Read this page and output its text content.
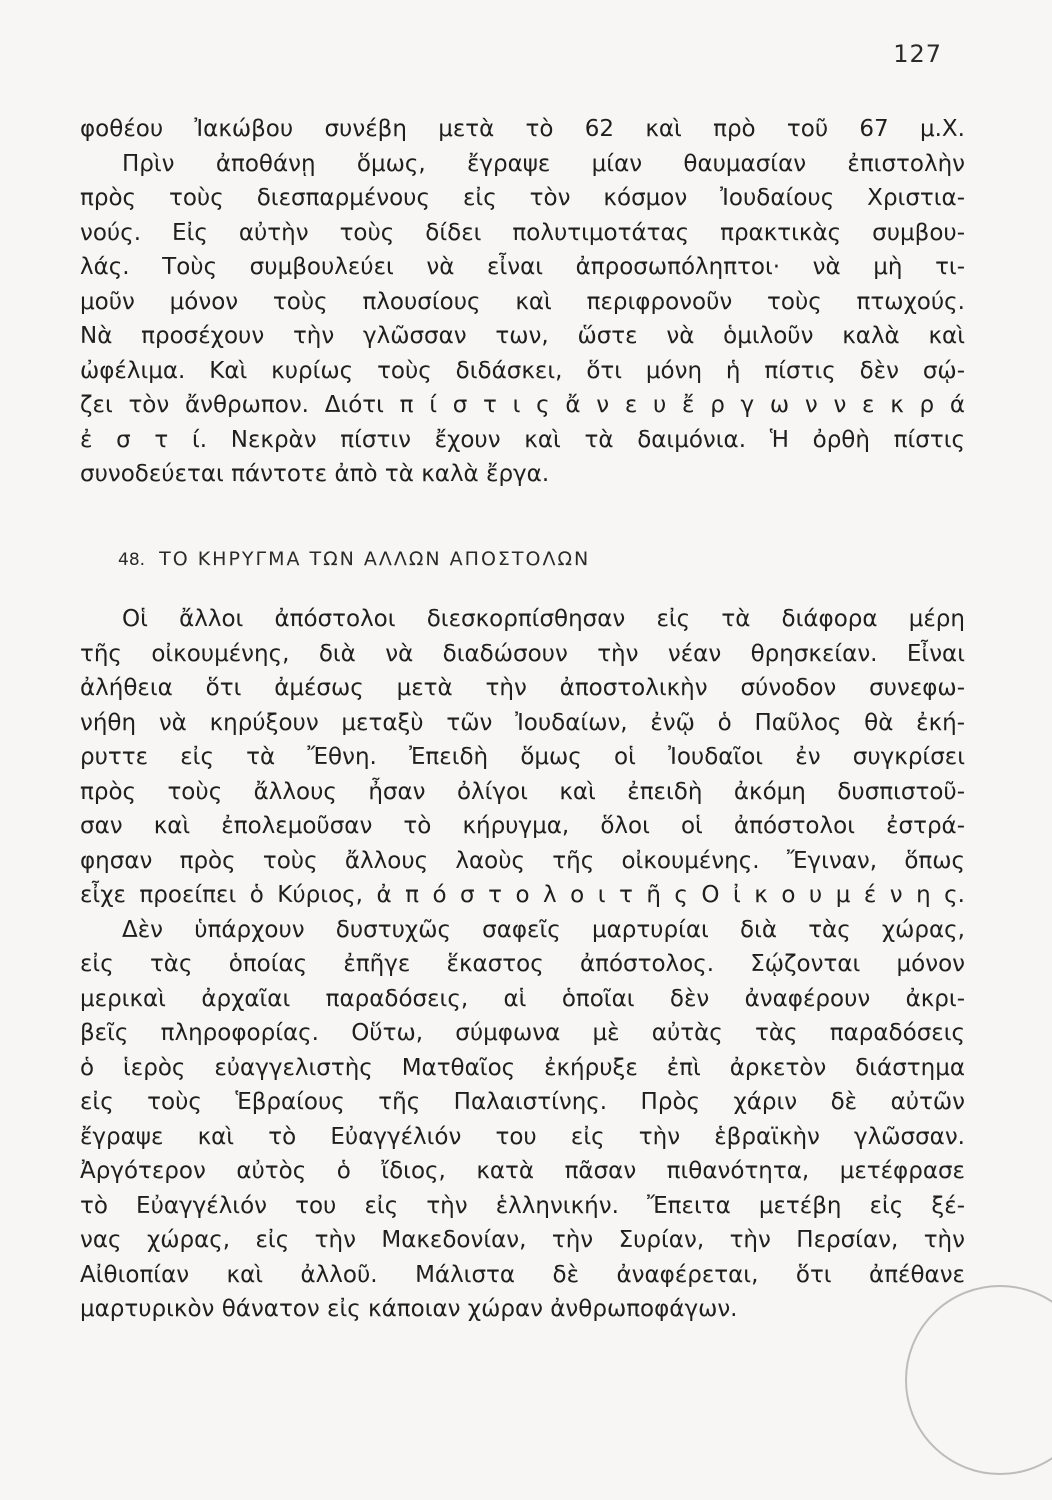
127
φοθέου Ἰακώβου συνέβη μετὰ τὸ 62 καὶ πρὸ τοῦ 67 μ.Χ.
Πρὶν ἀποθάνῃ ὅμως, ἔγραψε μίαν θαυμασίαν ἐπιστολὴν
πρὸς τοὺς διεσπαρμένους εἰς τὸν κόσμον Ἰουδαίους Χριστια-
νούς. Εἰς αὐτὴν τοὺς δίδει πολυτιμοτάτας πρακτικὰς συμβου-
λάς. Τοὺς συμβουλεύει νὰ εἶναι ἀπροσωπόληπτοι· νὰ μὴ τι-
μοῦν μόνον τοὺς πλουσίους καὶ περιφρονοῦν τοὺς πτωχούς.
Νὰ προσέχουν τὴν γλῶσσαν των, ὥστε νὰ ὁμιλοῦν καλὰ καὶ
ὠφέλιμα. Καὶ κυρίως τοὺς διδάσκει, ὅτι μόνη ἡ πίστις δὲν σῴ-
ζει τὸν ἄνθρωπον. Διότι π ί σ τ ι ς ἄ ν ε υ ἔ ρ γ ω ν ν ε κ ρ ά
ἐ σ τ ί. Νεκρὰν πίστιν ἔχουν καὶ τὰ δαιμόνια. Ἡ ὀρθὴ πίστις
συνοδεύεται πάντοτε ἀπὸ τὰ καλὰ ἔργα.
48. ΤΟ ΚΗΡΥΓΜΑ ΤΩΝ ΑΛΛΩΝ ΑΠΟΣΤΟΛΩΝ
Οἱ ἄλλοι ἀπόστολοι διεσκορπίσθησαν εἰς τὰ διάφορα μέρη
τῆς οἰκουμένης, διὰ νὰ διαδώσουν τὴν νέαν θρησκείαν. Εἶναι
ἀλήθεια ὅτι ἀμέσως μετὰ τὴν ἀποστολικὴν σύνοδον συνεφω-
νήθη νὰ κηρύξουν μεταξὺ τῶν Ἰουδαίων, ἐνῷ ὁ Παῦλος θὰ ἐκή-
ρυττε εἰς τὰ Ἔθνη. Ἐπειδὴ ὅμως οἱ Ἰουδαῖοι ἐν συγκρίσει
πρὸς τοὺς ἄλλους ἦσαν ὀλίγοι καὶ ἐπειδὴ ἀκόμη δυσπιστοῦ-
σαν καὶ ἐπολεμοῦσαν τὸ κήρυγμα, ὅλοι οἱ ἀπόστολοι ἐστρά-
φησαν πρὸς τοὺς ἄλλους λαοὺς τῆς οἰκουμένης. Ἔγιναν, ὅπως
εἶχε προείπει ὁ Κύριος, ἀ π ό σ τ ο λ ο ι τ ῆ ς Ο ἰ κ ο υ μ έ ν η ς.
Δὲν ὑπάρχουν δυστυχῶς σαφεῖς μαρτυρίαι διὰ τὰς χώρας,
εἰς τὰς ὁποίας ἐπῆγε ἕκαστος ἀπόστολος. Σῴζονται μόνον
μερικαὶ ἀρχαῖαι παραδόσεις, αἱ ὁποῖαι δὲν ἀναφέρουν ἀκρι-
βεῖς πληροφορίας. Οὕτω, σύμφωνα μὲ αὐτὰς τὰς παραδόσεις
ὁ ἱερὸς εὐαγγελιστὴς Ματθαῖος ἐκήρυξε ἐπὶ ἀρκετὸν διάστημα
εἰς τοὺς Ἑβραίους τῆς Παλαιστίνης. Πρὸς χάριν δὲ αὐτῶν
ἔγραψε καὶ τὸ Εὐαγγέλιόν του εἰς τὴν ἑβραϊκὴν γλῶσσαν.
Ἀργότερον αὐτὸς ὁ ἴδιος, κατὰ πᾶσαν πιθανότητα, μετέφρασε
τὸ Εὐαγγέλιόν του εἰς τὴν ἑλληνικήν. Ἔπειτα μετέβη εἰς ξέ-
νας χώρας, εἰς τὴν Μακεδονίαν, τὴν Συρίαν, τὴν Περσίαν, τὴν
Αἰθιοπίαν καὶ ἀλλοῦ. Μάλιστα δὲ ἀναφέρεται, ὅτι ἀπέθανε
μαρτυρικὸν θάνατον εἰς κάποιαν χώραν ἀνθρωποφάγων.
